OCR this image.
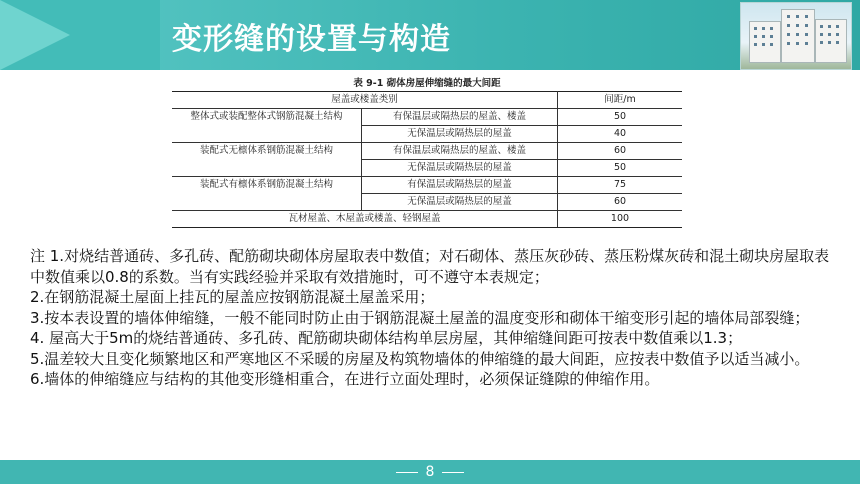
变形缝的设置与构造
表 9-1 砌体房屋伸缩缝的最大间距
屋盖或楼盖类别		间距/m
整体式或装配整体式钢筋混凝土结构	有保温层或隔热层的屋盖、楼盖	50
	无保温层或隔热层的屋盖	40
装配式无檩体系钢筋混凝土结构	有保温层或隔热层的屋盖、楼盖	60
	无保温层或隔热层的屋盖	50
装配式有檩体系钢筋混凝土结构	有保温层或隔热层的屋盖	75
	无保温层或隔热层的屋盖	60
瓦材屋盖、木屋盖或楼盖、轻钢屋盖		100

注 1.对烧结普通砖、多孔砖、配筋砌块砌体房屋取表中数值；对石砌体、蒸压灰砂砖、蒸压粉煤灰砖和混土砌块房屋取表中数值乘以0.8的系数。当有实践经验并采取有效措施时，可不遵守本表规定；

2.在钢筋混凝土屋面上挂瓦的屋盖应按钢筋混凝土屋盖采用；

3.按本表设置的墙体伸缩缝，一般不能同时防止由于钢筋混凝土屋盖的温度变形和砌体干缩变形引起的墙体局部裂缝；

4. 屋高大于5m的烧结普通砖、多孔砖、配筋砌块砌体结构单层房屋，其伸缩缝间距可按表中数值乘以1.3；

5.温差较大且变化频繁地区和严寒地区不采暖的房屋及构筑物墙体的伸缩缝的最大间距，应按表中数值予以适当减小。

6.墙体的伸缩缝应与结构的其他变形缝相重合，在进行立面处理时，必须保证缝隙的伸缩作用。

8
